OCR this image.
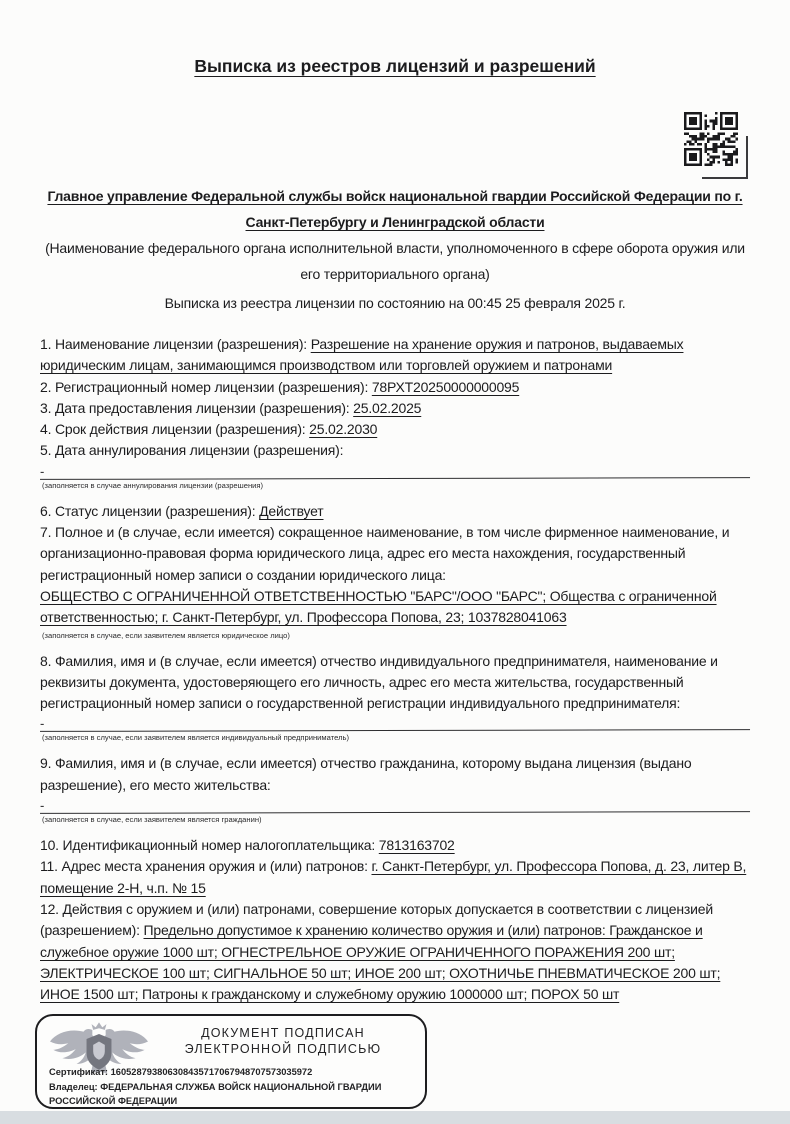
Выписка из реестров лицензий и разрешений

Главное управление Федеральной службы войск национальной гвардии Российской Федерации по г. Санкт-Петербургу и Ленинградской области

(Наименование федерального органа исполнительной власти, уполномоченного в сфере оборота оружия или его территориального органа)

Выписка из реестра лицензии по состоянию на 00:45 25 февраля 2025 г.

1. Наименование лицензии (разрешения): Разрешение на хранение оружия и патронов, выдаваемых юридическим лицам, занимающимся производством или торговлей оружием и патронами

2. Регистрационный номер лицензии (разрешения): 78РХТ20250000000095

3. Дата предоставления лицензии (разрешения): 25.02.2025

4. Срок действия лицензии (разрешения): 25.02.2030

5. Дата аннулирования лицензии (разрешения):

-
(заполняется в случае аннулирования лицензии (разрешения)

6. Статус лицензии (разрешения): Действует

7. Полное и (в случае, если имеется) сокращенное наименование, в том числе фирменное наименование, и организационно-правовая форма юридического лица, адрес его места нахождения, государственный регистрационный номер записи о создании юридического лица:

ОБЩЕСТВО С ОГРАНИЧЕННОЙ ОТВЕТСТВЕННОСТЬЮ "БАРС"/ООО "БАРС"; Общества с ограниченной ответственностью; г. Санкт-Петербург, ул. Профессора Попова, 23; 1037828041063

(заполняется в случае, если заявителем является юридическое лицо)

8. Фамилия, имя и (в случае, если имеется) отчество индивидуального предпринимателя, наименование и реквизиты документа, удостоверяющего его личность, адрес его места жительства, государственный регистрационный номер записи о государственной регистрации индивидуального предпринимателя:

-
(заполняется в случае, если заявителем является индивидуальный предприниматель)

9. Фамилия, имя и (в случае, если имеется) отчество гражданина, которому выдана лицензия (выдано разрешение), его место жительства:

-
(заполняется в случае, если заявителем является гражданин)

10. Идентификационный номер налогоплательщика: 7813163702

11. Адрес места хранения оружия и (или) патронов: г. Санкт-Петербург, ул. Профессора Попова, д. 23, литер В, помещение 2-Н, ч.п. № 15

12. Действия с оружием и (или) патронами, совершение которых допускается в соответствии с лицензией (разрешением): Предельно допустимое к хранению количество оружия и (или) патронов: Гражданское и служебное оружие 1000 шт; ОГНЕСТРЕЛЬНОЕ ОРУЖИЕ ОГРАНИЧЕННОГО ПОРАЖЕНИЯ 200 шт; ЭЛЕКТРИЧЕСКОЕ 100 шт; СИГНАЛЬНОЕ 50 шт; ИНОЕ 200 шт; ОХОТНИЧЬЕ ПНЕВМАТИЧЕСКОЕ 200 шт; ИНОЕ 1500 шт; Патроны к гражданскому и служебному оружию 1000000 шт; ПОРОХ 50 шт

ДОКУМЕНТ ПОДПИСАН
ЭЛЕКТРОННОЙ ПОДПИСЬЮ
Сертификат: 160528793806308435717067948707573035972
Владелец: ФЕДЕРАЛЬНАЯ СЛУЖБА ВОЙСК НАЦИОНАЛЬНОЙ ГВАРДИИ РОССИЙСКОЙ ФЕДЕРАЦИИ
